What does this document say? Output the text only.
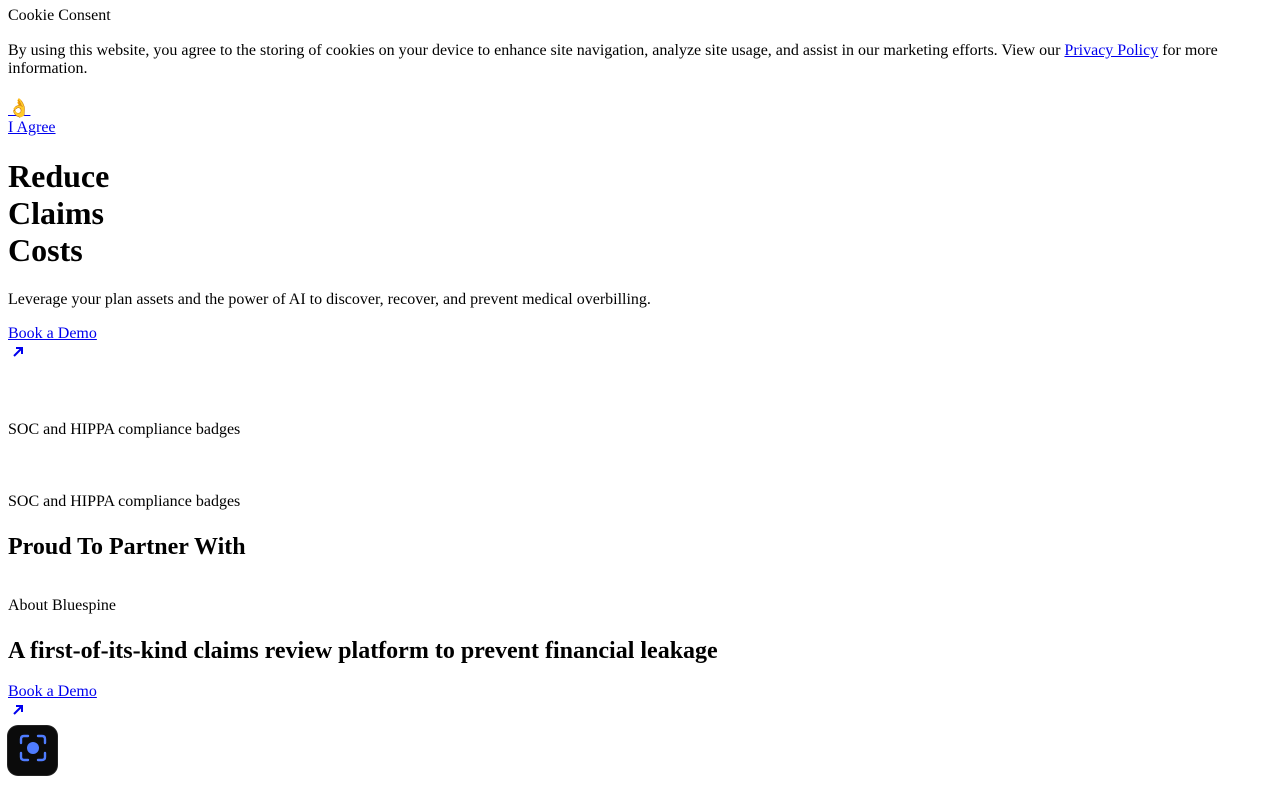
Cookie Consent

By using this website, you agree to the storing of cookies on your device to enhance site navigation, analyze site usage, and assist in our marketing efforts. View our Privacy Policy for more information.

👌
I Agree
Reduce
Claims
Costs

Leverage your plan assets and the power of AI to discover, recover, and prevent medical overbilling.

Book a Demo
SOC and HIPPA compliance badges
SOC and HIPPA compliance badges
Proud To Partner With
About Bluespine
A first-of-its-kind claims review platform to prevent financial leakage
Book a Demo
